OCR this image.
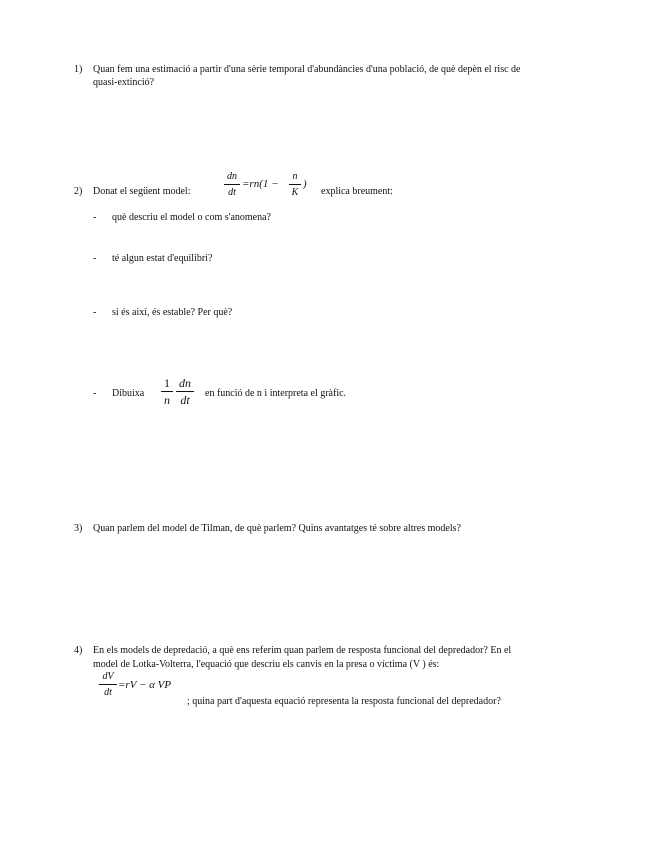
1) Quan fem una estimació a partir d'una sèrie temporal d'abundàncies d'una població, de què depèn el risc de
quasi-extinció?
2) Donat el següent model:
dn
dt
=rn(1 −
n
K
)
explica breument:
- què descriu el model o com s'anomena?
- té algun estat d'equilibri?
- si és així, és estable? Per què?
- Dibuixa
1
n
dn
dt	en funció de n i interpreta el gràfic.
3) Quan parlem del model de Tilman, de què parlem? Quins avantatges té sobre altres models?
4) En els models de depredació, a què ens referim quan parlem de resposta funcional del depredador? En el
model de Lotka-Volterra, l'equació que descriu els canvis en la presa o víctima (V ) és:
dV
dt
=rV − α VP
; quina part d'aquesta equació representa la resposta funcional del depredador?
